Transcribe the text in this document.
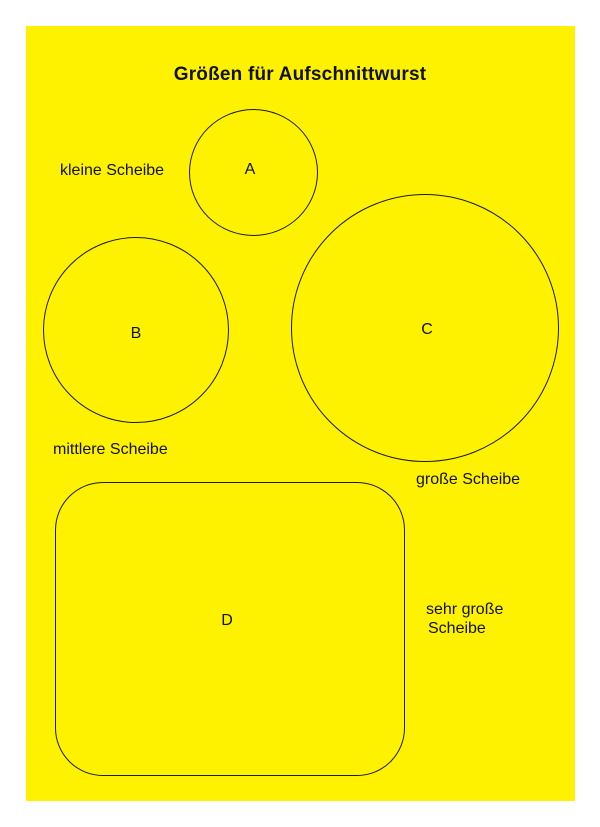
Größen für Aufschnittwurst
A
kleine Scheibe
B
mittlere Scheibe
C
große Scheibe
D
sehr große
Scheibe
